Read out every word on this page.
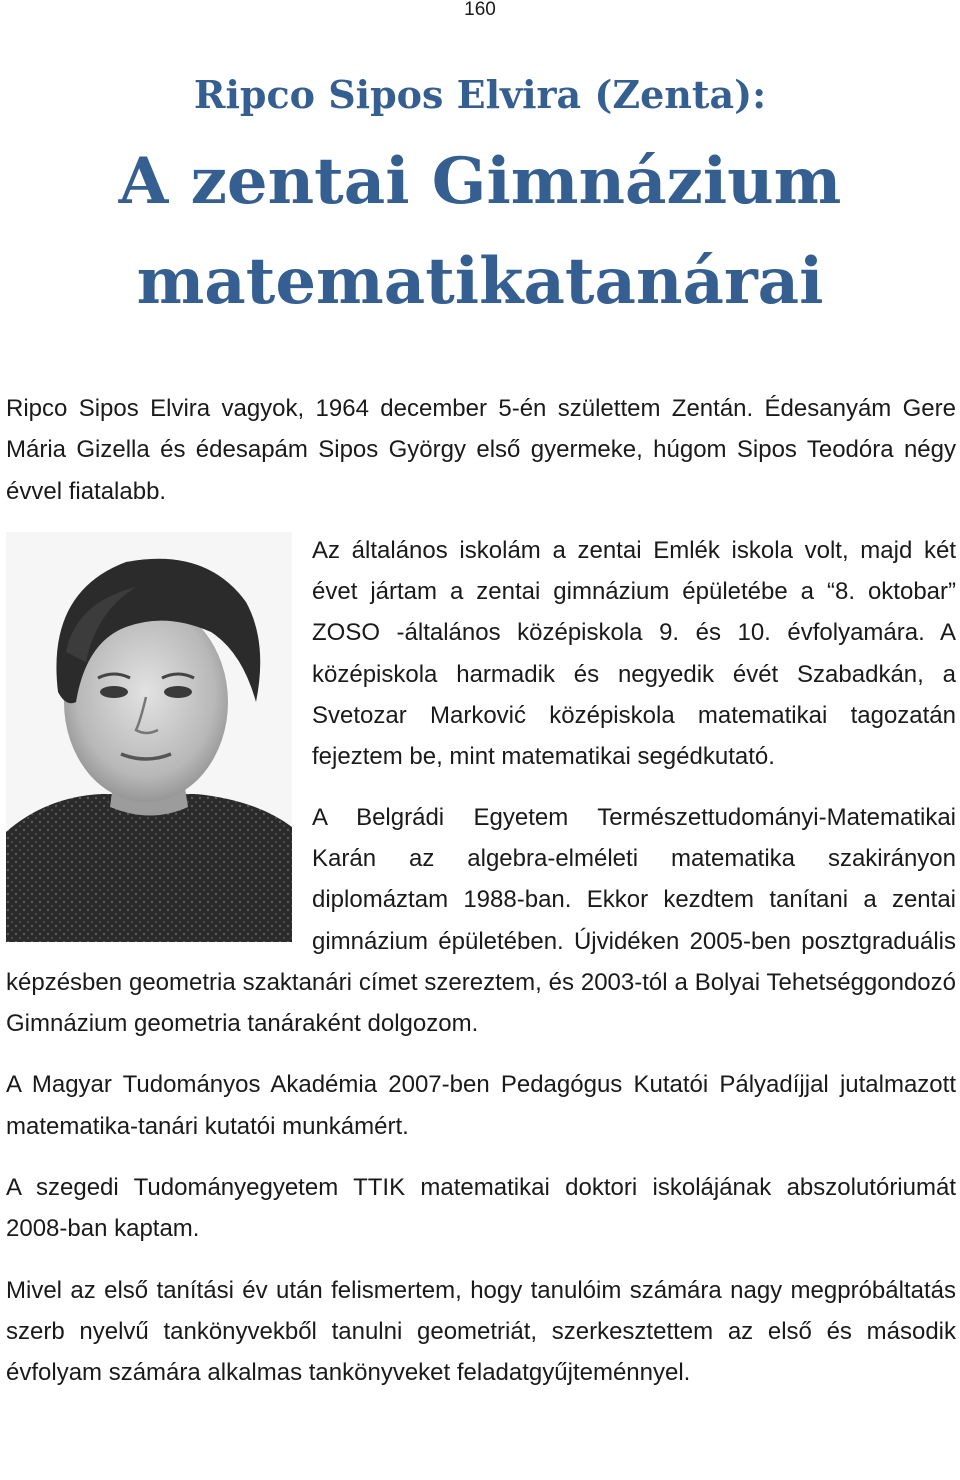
160
Ripco Sipos Elvira (Zenta):
A zentai Gimnázium
matematikatanárai

Ripco Sipos Elvira vagyok, 1964 december 5-én születtem Zentán. Édesanyám Gere Mária Gizella és édesapám Sipos György első gyermeke, húgom Sipos Teodóra négy évvel fiatalabb.

Az általános iskolám a zentai Emlék iskola volt, majd két évet jártam a zentai gimnázium épületébe a “8. oktobar” ZOSO -általános középiskola 9. és 10. évfolyamára. A középiskola harmadik és negyedik évét Szabadkán, a Svetozar Marković középiskola matematikai tagozatán fejeztem be, mint matematikai segédkutató.

A Belgrádi Egyetem Természettudományi-Matematikai Karán az algebra-elméleti matematika szakirányon diplomáztam 1988-ban. Ekkor kezdtem tanítani a zentai gimnázium épületében. Újvidéken 2005-ben posztgraduális képzésben geometria szaktanári címet szereztem, és 2003-tól a Bolyai Tehetséggondozó Gimnázium geometria tanáraként dolgozom.

A Magyar Tudományos Akadémia 2007-ben Pedagógus Kutatói Pályadíjjal jutalmazott matematika-tanári kutatói munkámért.

A szegedi Tudományegyetem TTIK matematikai doktori iskolájának abszolutóriumát 2008-ban kaptam.

Mivel az első tanítási év után felismertem, hogy tanulóim számára nagy megpróbáltatás szerb nyelvű tankönyvekből tanulni geometriát, szerkesztettem az első és második évfolyam számára alkalmas tankönyveket feladatgyűjteménnyel.
